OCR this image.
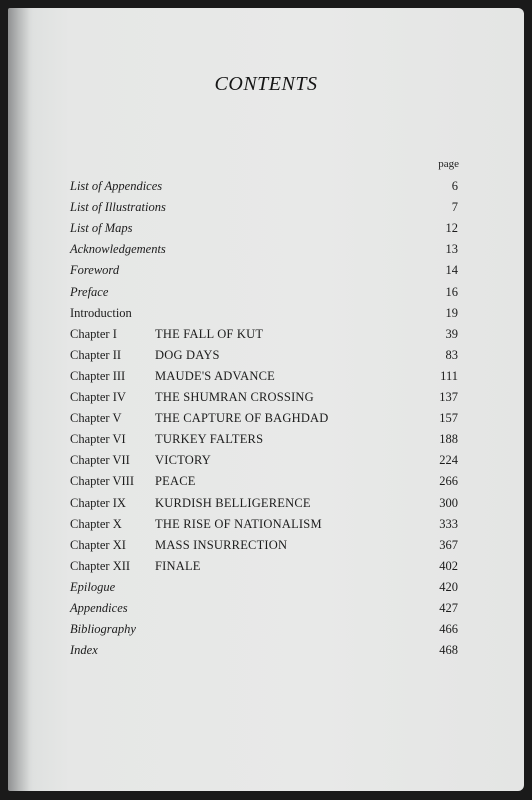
CONTENTS
page
List of Appendices	6
List of Illustrations	7
List of Maps	12
Acknowledgements	13
Foreword	14
Preface	16
Introduction	19
Chapter I	THE FALL OF KUT	39
Chapter II	DOG DAYS	83
Chapter III MAUDE'S ADVANCE	111
Chapter IV THE SHUMRAN CROSSING	137
Chapter V	THE CAPTURE OF BAGHDAD	157
Chapter VI TURKEY FALTERS	188
Chapter VII VICTORY	224
Chapter VIII PEACE	266
Chapter IX KURDISH BELLIGERENCE	300
Chapter X	THE RISE OF NATIONALISM	333
Chapter XI MASS INSURRECTION	367
Chapter XII FINALE	402
Epilogue	420
Appendices	427
Bibliography	466
Index	468
